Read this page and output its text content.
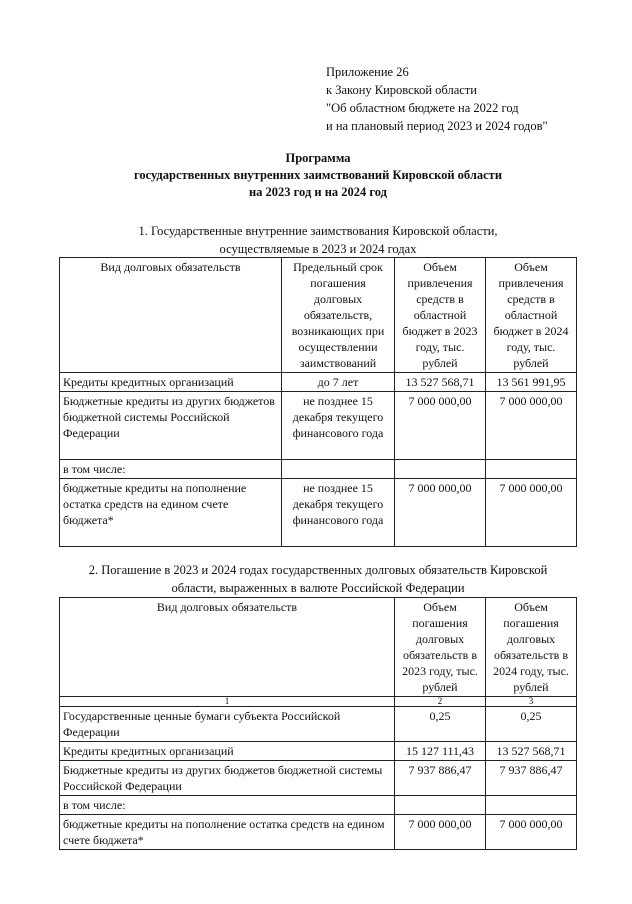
Приложение 26
к Закону Кировской области
"Об областном бюджете на 2022 год
и на плановый период 2023 и 2024 годов"
Программа
государственных внутренних заимствований Кировской области
на 2023 год и на 2024 год
1. Государственные внутренние заимствования Кировской области,
осуществляемые в 2023 и 2024 годах
Вид долговых обязательств	Предельный срок погашения долговых обязательств, возникающих при осуществлении заимствований	Объем привлечения средств в областной бюджет в 2023 году, тыс. рублей	Объем привлечения средств в областной бюджет в 2024 году, тыс. рублей
Кредиты кредитных организаций	до 7 лет	13 527 568,71	13 561 991,95
Бюджетные кредиты из других бюджетов бюджетной системы Российской Федерации	не позднее 15 декабря текущего финансового года	7 000 000,00	7 000 000,00
в том числе:			
бюджетные кредиты на пополнение остатка средств на едином счете бюджета*	не позднее 15 декабря текущего финансового года	7 000 000,00	7 000 000,00
2. Погашение в 2023 и 2024 годах государственных долговых обязательств Кировской
области, выраженных в валюте Российской Федерации
Вид долговых обязательств	Объем погашения долговых обязательств в 2023 году, тыс. рублей	Объем погашения долговых обязательств в 2024 году, тыс. рублей
1	2	3
Государственные ценные бумаги субъекта Российской Федерации	0,25	0,25
Кредиты кредитных организаций	15 127 111,43	13 527 568,71
Бюджетные кредиты из других бюджетов бюджетной системы Российской Федерации	7 937 886,47	7 937 886,47
в том числе:		
бюджетные кредиты на пополнение остатка средств на едином счете бюджета*	7 000 000,00	7 000 000,00
